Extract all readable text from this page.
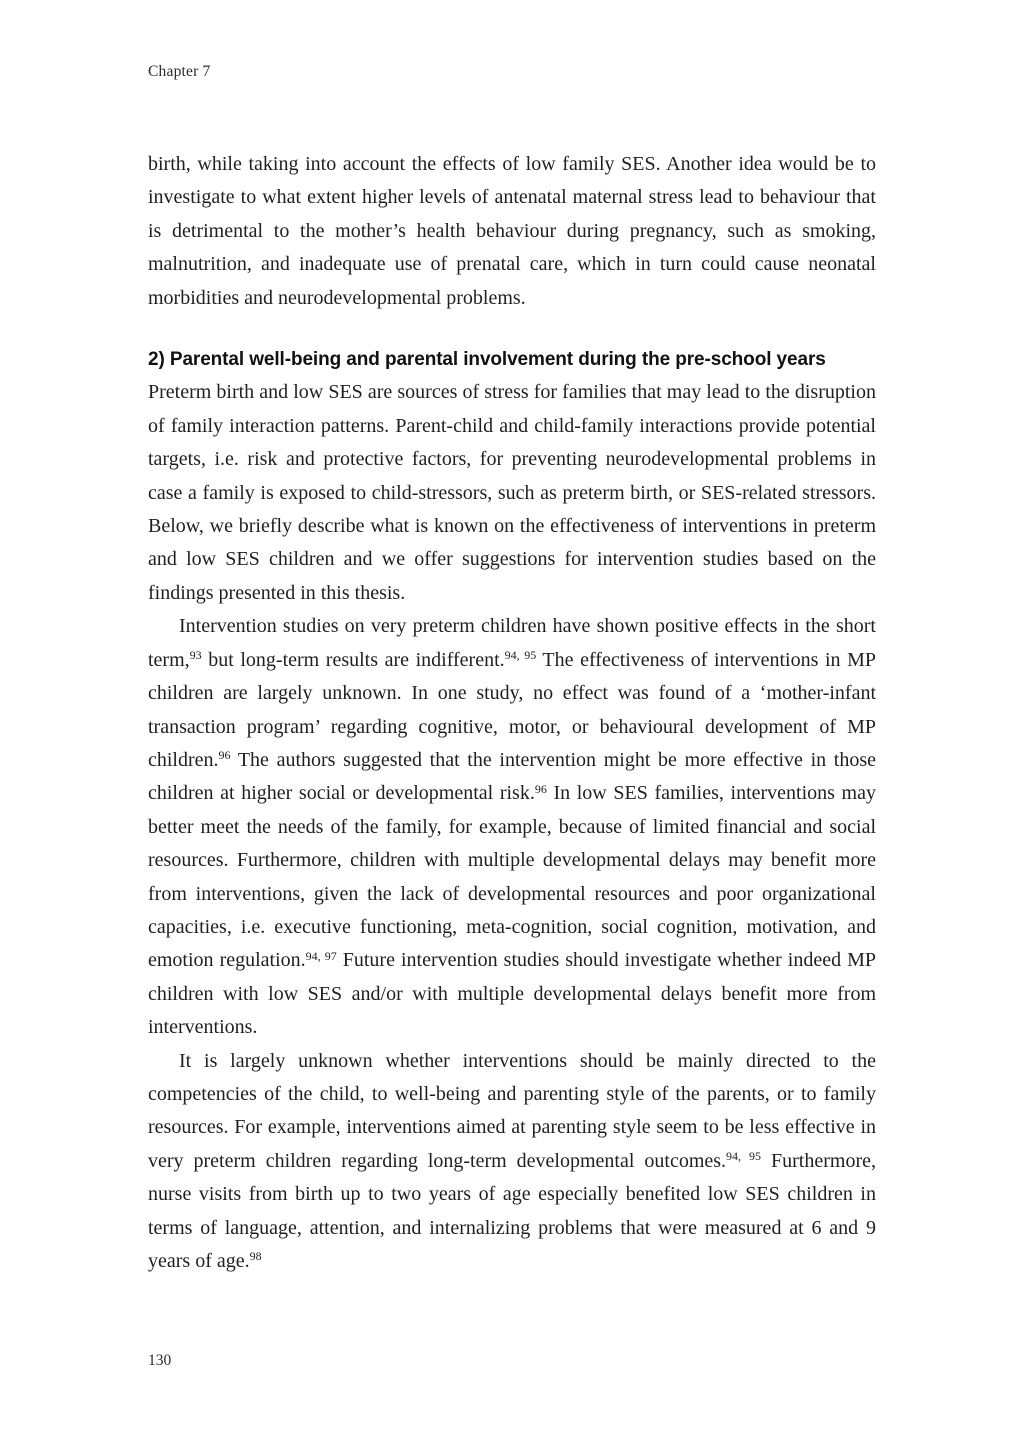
Chapter 7

birth, while taking into account the effects of low family SES. Another idea would be to investigate to what extent higher levels of antenatal maternal stress lead to behaviour that is detrimental to the mother’s health behaviour during pregnancy, such as smoking, malnutrition, and inadequate use of prenatal care, which in turn could cause neonatal morbidities and neurodevelopmental problems.

2) Parental well-being and parental involvement during the pre-school years

Preterm birth and low SES are sources of stress for families that may lead to the disruption of family interaction patterns. Parent-child and child-family interactions provide potential targets, i.e. risk and protective factors, for preventing neurodevelopmental problems in case a family is exposed to child-stressors, such as preterm birth, or SES-related stressors. Below, we briefly describe what is known on the effectiveness of interventions in preterm and low SES children and we offer suggestions for intervention studies based on the findings presented in this thesis.

Intervention studies on very preterm children have shown positive effects in the short term,$^{93}$ but long-term results are indifferent.$^{94, 95}$ The effectiveness of interventions in MP children are largely unknown. In one study, no effect was found of a ‘mother-infant transaction program’ regarding cognitive, motor, or behavioural development of MP children.$^{96}$ The authors suggested that the intervention might be more effective in those children at higher social or developmental risk.$^{96}$ In low SES families, interventions may better meet the needs of the family, for example, because of limited financial and social resources. Furthermore, children with multiple developmental delays may benefit more from interventions, given the lack of developmental resources and poor organizational capacities, i.e. executive functioning, meta-cognition, social cognition, motivation, and emotion regulation.$^{94, 97}$ Future intervention studies should investigate whether indeed MP children with low SES and/or with multiple developmental delays benefit more from interventions.

It is largely unknown whether interventions should be mainly directed to the competencies of the child, to well-being and parenting style of the parents, or to family resources. For example, interventions aimed at parenting style seem to be less effective in very preterm children regarding long-term developmental outcomes.$^{94, 95}$ Furthermore, nurse visits from birth up to two years of age especially benefited low SES children in terms of language, attention, and internalizing problems that were measured at 6 and 9 years of age.$^{98}$

130
